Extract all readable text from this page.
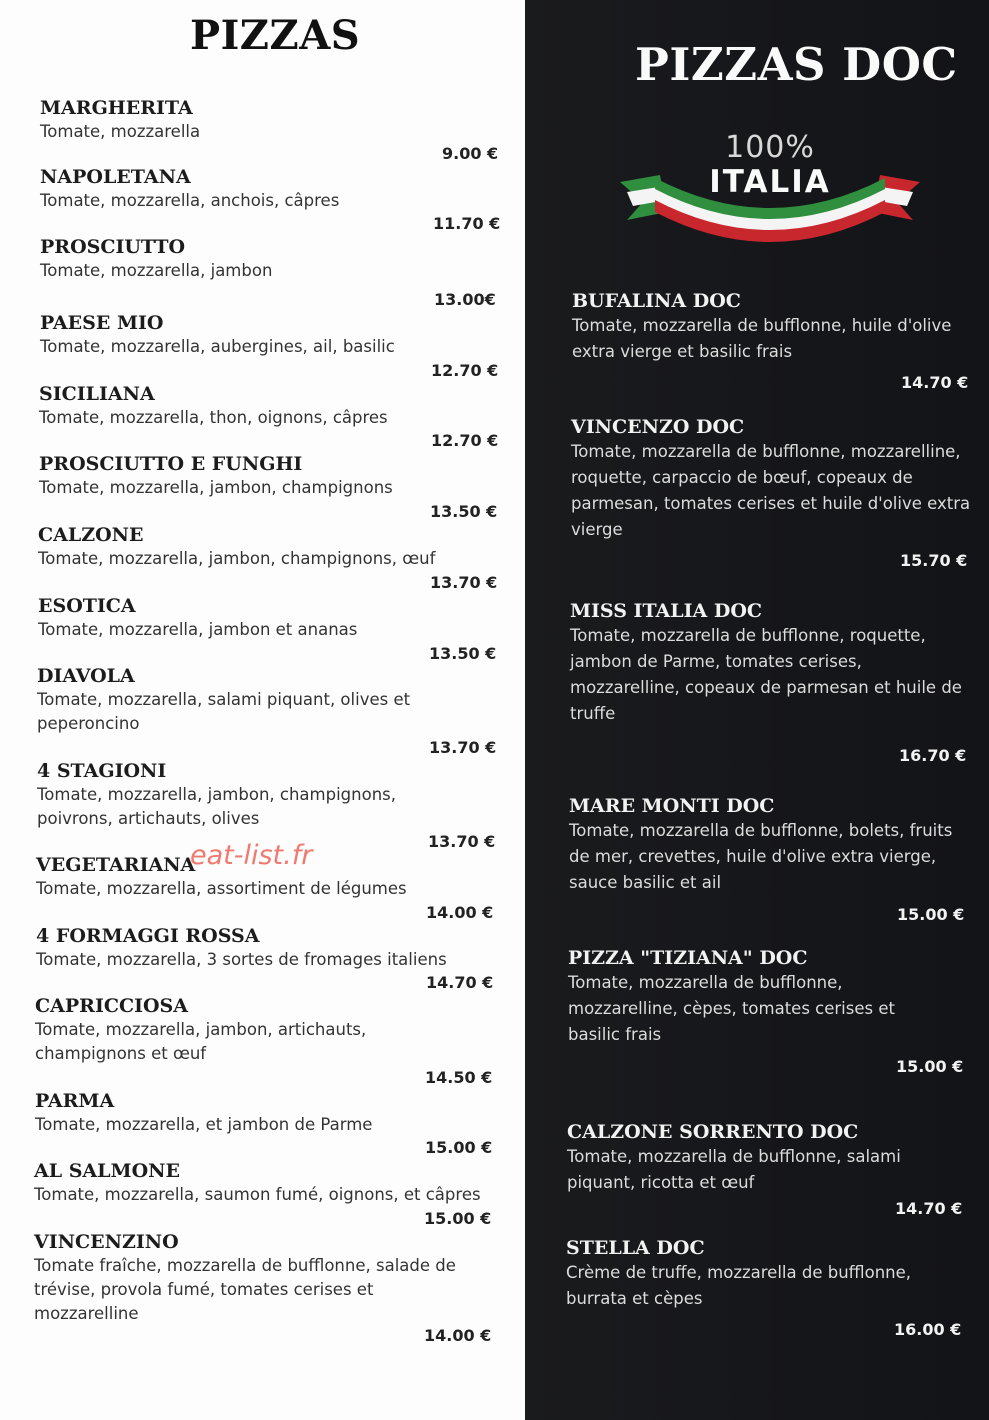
PIZZAS
MARGHERITA
Tomate, mozzarella
9.00 €
NAPOLETANA
Tomate, mozzarella, anchois, câpres
11.70 €
PROSCIUTTO
Tomate, mozzarella, jambon
13.00€
PAESE MIO
Tomate, mozzarella, aubergines, ail, basilic
12.70 €
SICILIANA
Tomate, mozzarella, thon, oignons, câpres
12.70 €
PROSCIUTTO E FUNGHI
Tomate, mozzarella, jambon, champignons
13.50 €
CALZONE
Tomate, mozzarella, jambon, champignons, œuf
13.70 €
ESOTICA
Tomate, mozzarella, jambon et ananas
13.50 €
DIAVOLA
Tomate, mozzarella, salami piquant, olives et peperoncino
13.70 €
4 STAGIONI
Tomate, mozzarella, jambon, champignons, poivrons, artichauts, olives
13.70 €
VEGETARIANA
Tomate, mozzarella, assortiment de légumes
14.00 €
4 FORMAGGI ROSSA
Tomate, mozzarella, 3 sortes de fromages italiens
14.70 €
CAPRICCIOSA
Tomate, mozzarella, jambon, artichauts, champignons et œuf
14.50 €
PARMA
Tomate, mozzarella, et jambon de Parme
15.00 €
AL SALMONE
Tomate, mozzarella, saumon fumé, oignons, et câpres
15.00 €
VINCENZINO
Tomate fraîche, mozzarella de bufflonne, salade de trévise, provola fumé, tomates cerises et mozzarelline
14.00 €
eat-list.fr
PIZZAS DOC
100%
ITALIA
BUFALINA DOC
Tomate, mozzarella de bufflonne, huile d'olive extra vierge et basilic frais
14.70 €
VINCENZO DOC
Tomate, mozzarella de bufflonne, mozzarelline, roquette, carpaccio de bœuf, copeaux de parmesan, tomates cerises et huile d'olive extra vierge
15.70 €
MISS ITALIA DOC
Tomate, mozzarella de bufflonne, roquette, jambon de Parme, tomates cerises, mozzarelline, copeaux de parmesan et huile de truffe
16.70 €
MARE MONTI DOC
Tomate, mozzarella de bufflonne, bolets, fruits de mer, crevettes, huile d'olive extra vierge, sauce basilic et ail
15.00 €
PIZZA "TIZIANA" DOC
Tomate, mozzarella de bufflonne, mozzarelline, cèpes, tomates cerises et basilic frais
15.00 €
CALZONE SORRENTO DOC
Tomate, mozzarella de bufflonne, salami piquant, ricotta et œuf
14.70 €
STELLA DOC
Crème de truffe, mozzarella de bufflonne, burrata et cèpes
16.00 €
